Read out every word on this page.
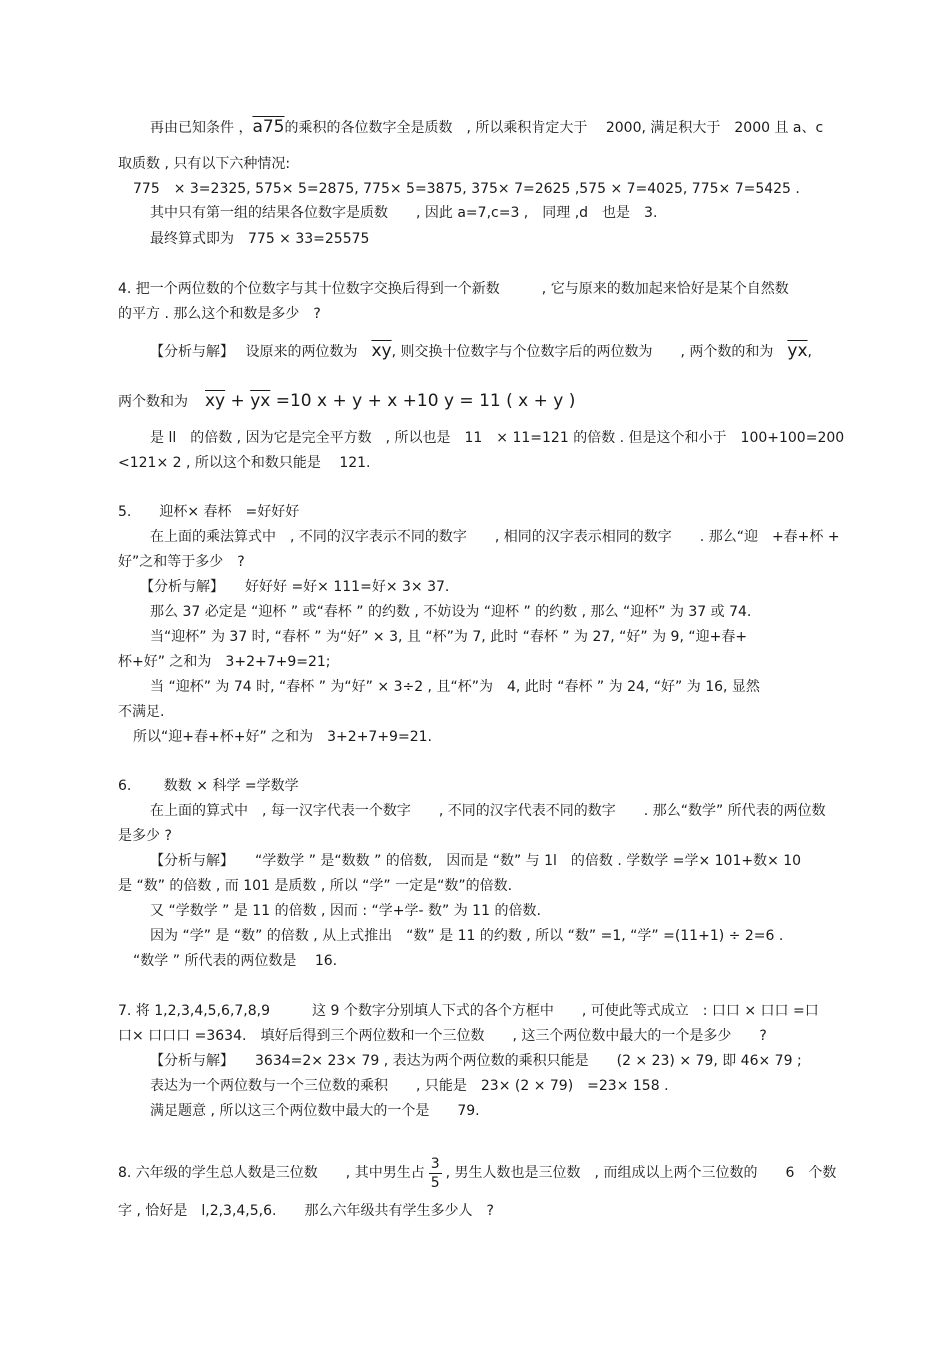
再由已知条件 ，a75的乘积的各位数字全是质数　, 所以乘积肯定大于　 2000, 满足积大于　2000 且 a、c
取质数 , 只有以下六种情况:
775　× 3=2325, 575× 5=2875, 775× 5=3875, 375× 7=2625 ,575 × 7=4025, 775× 7=5425 .
其中只有第一组的结果各位数字是质数　　, 因此 a=7,c=3 ,　同理 ,d　也是　3.
最终算式即为　775 × 33=25575
4. 把一个两位数的个位数字与其十位数字交换后得到一个新数　　　, 它与原来的数加起来恰好是某个自然数
的平方 . 那么这个和数是多少　?
【分析与解】　 设原来的两位数为　 $\overline{xy}$, 则交换十位数字与个位数字后的两位数为　　, 两个数的和为　 $\overline{yx}$,
两个数和为　 $\overline{xy} + \overline{yx} =10$ x + y + x +10 y = 11 ( x + y )
是 ll　的倍数 , 因为它是完全平方数　, 所以也是　11　× 11=121 的倍数 . 但是这个和小于　100+100=200
<121× 2 , 所以这个和数只能是　 121.
5.　　迎杯× 春杯　=好好好
在上面的乘法算式中　, 不同的汉字表示不同的数字　　, 相同的汉字表示相同的数字　　. 那么“迎　+春+杯 +
好”之和等于多少　?
【分析与解】　　好好好 =好× 111=好× 3× 37.
那么 37 必定是 “迎杯 ” 或“春杯 ” 的约数 , 不妨设为 “迎杯 ” 的约数 , 那么 “迎杯” 为 37 或 74.
当“迎杯” 为 37 时, “春杯 ” 为“好” × 3, 且 “杯”为 7, 此时 “春杯 ” 为 27, “好” 为 9, “迎+春+
杯+好” 之和为　3+2+7+9=21;
当 “迎杯” 为 74 时, “春杯 ” 为“好” × 3÷2 , 且“杯”为　4, 此时 “春杯 ” 为 24, “好” 为 16, 显然
不满足.
所以“迎+春+杯+好” 之和为　3+2+7+9=21.
6.　　 数数 × 科学 =学数学
在上面的算式中　, 每一汉字代表一个数字　　, 不同的汉字代表不同的数字　　. 那么“数学” 所代表的两位数
是多少 ?
【分析与解】　　“学数学 ” 是“数数 ” 的倍数,　因而是 “数” 与 1l　的倍数 . 学数学 =学× 101+数× 10
是 “数” 的倍数 , 而 101 是质数 , 所以 “学” 一定是“数”的倍数.
又 “学数学 ” 是 11 的倍数 , 因而 : “学+学- 数” 为 11 的倍数.
因为 “学” 是 “数” 的倍数 , 从上式推出　“数” 是 11 的约数 , 所以 “数” =1, “学” =(11+1) ÷ 2=6 .
“数学 ” 所代表的两位数是　 16.
7. 将 1,2,3,4,5,6,7,8,9　　　这 9 个数字分别填人下式的各个方框中　　, 可使此等式成立　: 口口 × 口口 =口
口× 口口口 =3634.　填好后得到三个两位数和一个三位数　　, 这三个两位数中最大的一个是多少　　?
【分析与解】　　3634=2× 23× 79 , 表达为两个两位数的乘积只能是　　(2 × 23) × 79, 即 46× 79 ;
表达为一个两位数与一个三位数的乘积　　, 只能是　23× (2 × 79)　=23× 158 .
满足题意 , 所以这三个两位数中最大的一个是　　79.
8. 六年级的学生总人数是三位数　　, 其中男生占 $\frac{3}{5}$ , 男生人数也是三位数　, 而组成以上两个三位数的　　6　个数
字 , 恰好是　l,2,3,4,5,6.　　那么六年级共有学生多少人　?
